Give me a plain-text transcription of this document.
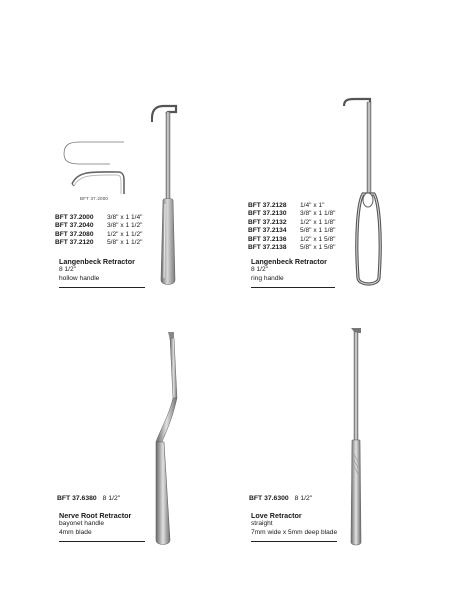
BFT 37.2000
BFT 37.2000	3/8" x 1 1/4"
BFT 37.2040	3/8" x 1 1/2"
BFT 37.2080	1/2" x 1 1/2"
BFT 37.2120	5/8" x 1 1/2"
Langenbeck Retractor
8 1/2"
hollow handle
BFT 37.2128	1/4" x 1"
BFT 37.2130	3/8" x 1 1/8"
BFT 37.2132	1/2" x 1 1/8"
BFT 37.2134	5/8" x 1 1/8"
BFT 37.2136	1/2" x 1 5/8"
BFT 37.2138	5/8" x 1 5/8"
Langenbeck Retractor
8 1/2"
ring handle
BFT 37.6380 8 1/2"
Nerve Root Retractor
bayonet handle
4mm blade
BFT 37.6300 8 1/2"
Love Retractor
straight
7mm wide x 5mm deep blade
